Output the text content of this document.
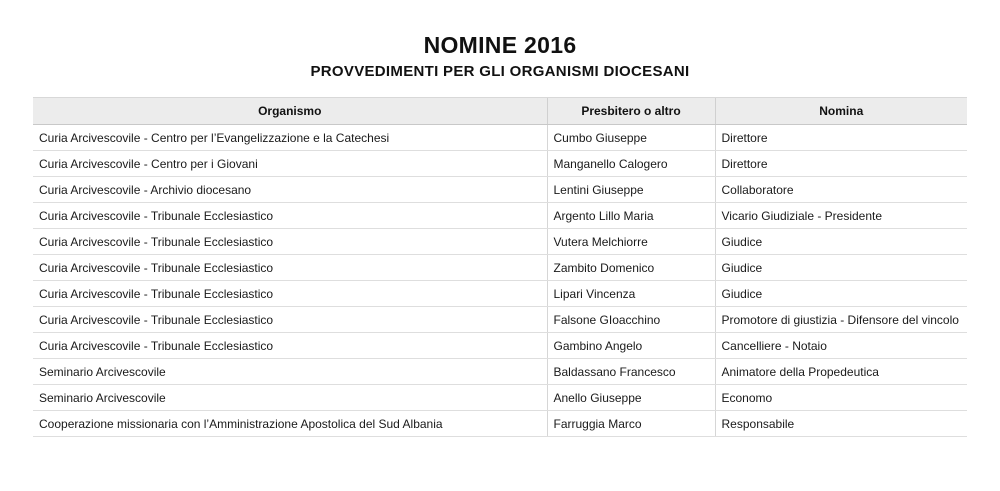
NOMINE 2016
PROVVEDIMENTI PER GLI ORGANISMI DIOCESANI
Organismo	Presbitero o altro	Nomina
Curia Arcivescovile - Centro per l’Evangelizzazione e la Catechesi	Cumbo Giuseppe	Direttore
Curia Arcivescovile - Centro per i Giovani	Manganello Calogero	Direttore
Curia Arcivescovile - Archivio diocesano	Lentini Giuseppe	Collaboratore
Curia Arcivescovile - Tribunale Ecclesiastico	Argento Lillo Maria	Vicario Giudiziale - Presidente
Curia Arcivescovile - Tribunale Ecclesiastico	Vutera Melchiorre	Giudice
Curia Arcivescovile - Tribunale Ecclesiastico	Zambito Domenico	Giudice
Curia Arcivescovile - Tribunale Ecclesiastico	Lipari Vincenza	Giudice
Curia Arcivescovile - Tribunale Ecclesiastico	Falsone GIoacchino	Promotore di giustizia - Difensore del vincolo
Curia Arcivescovile - Tribunale Ecclesiastico	Gambino Angelo	Cancelliere - Notaio
Seminario Arcivescovile	Baldassano Francesco	Animatore della Propedeutica
Seminario Arcivescovile	Anello Giuseppe	Economo
Cooperazione missionaria con l’Amministrazione Apostolica del Sud Albania	Farruggia Marco	Responsabile
